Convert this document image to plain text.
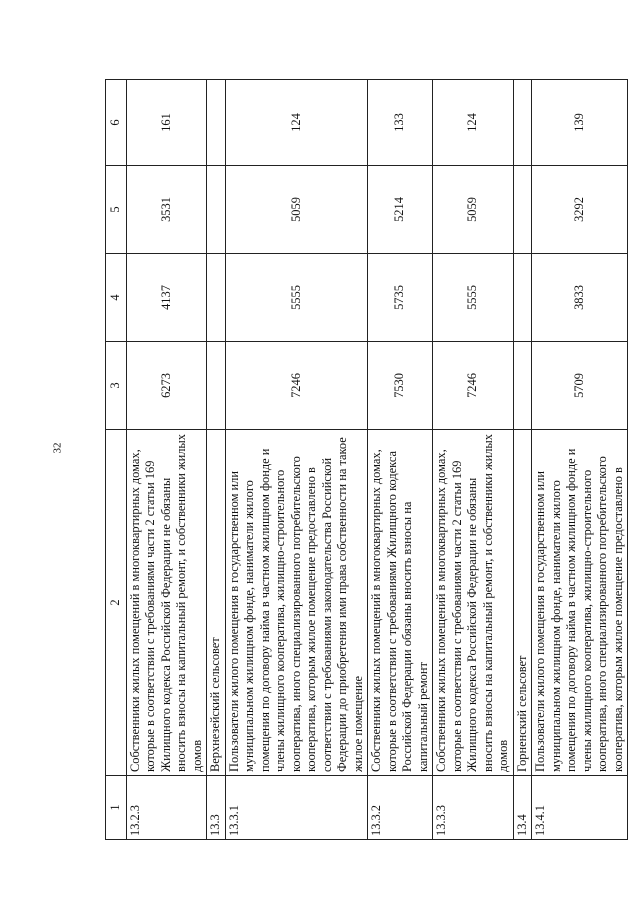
32
1	2	3	4	5	6
13.2.3	Собственники жилых помещений в многоквартирных домах, которые в соответствии с требованиями части 2 статьи 169 Жилищного кодекса Российской Федерации не обязаны вносить взносы на капитальный ремонт, и собственники жилых домов	6273	4137	3531	161
13.3	Верхнезейский сельсовет				
13.3.1	Пользователи жилого помещения в государственном или муниципальном жилищном фонде, наниматели жилого помещения по договору найма в частном жилищном фонде и члены жилищного кооператива, жилищно-строительного кооператива, иного специализированного потребительского кооператива, которым жилое помещение предоставлено в соответствии с требованиями законодательства Российской Федерации до приобретения ими права собственности на такое жилое помещение	7246	5555	5059	124
13.3.2	Собственники жилых помещений в многоквартирных домах, которые в соответствии с требованиями Жилищного кодекса Российской Федерации обязаны вносить взносы на капитальный ремонт	7530	5735	5214	133
13.3.3	Собственники жилых помещений в многоквартирных домах, которые в соответствии с требованиями части 2 статьи 169 Жилищного кодекса Российской Федерации не обязаны вносить взносы на капитальный ремонт, и собственники жилых домов	7246	5555	5059	124
13.4	Горненский сельсовет				
13.4.1	Пользователи жилого помещения в государственном или муниципальном жилищном фонде, наниматели жилого помещения по договору найма в частном жилищном фонде и члены жилищного кооператива, жилищно-строительного кооператива, иного специализированного потребительского кооператива, которым жилое помещение предоставлено в	5709	3833	3292	139
